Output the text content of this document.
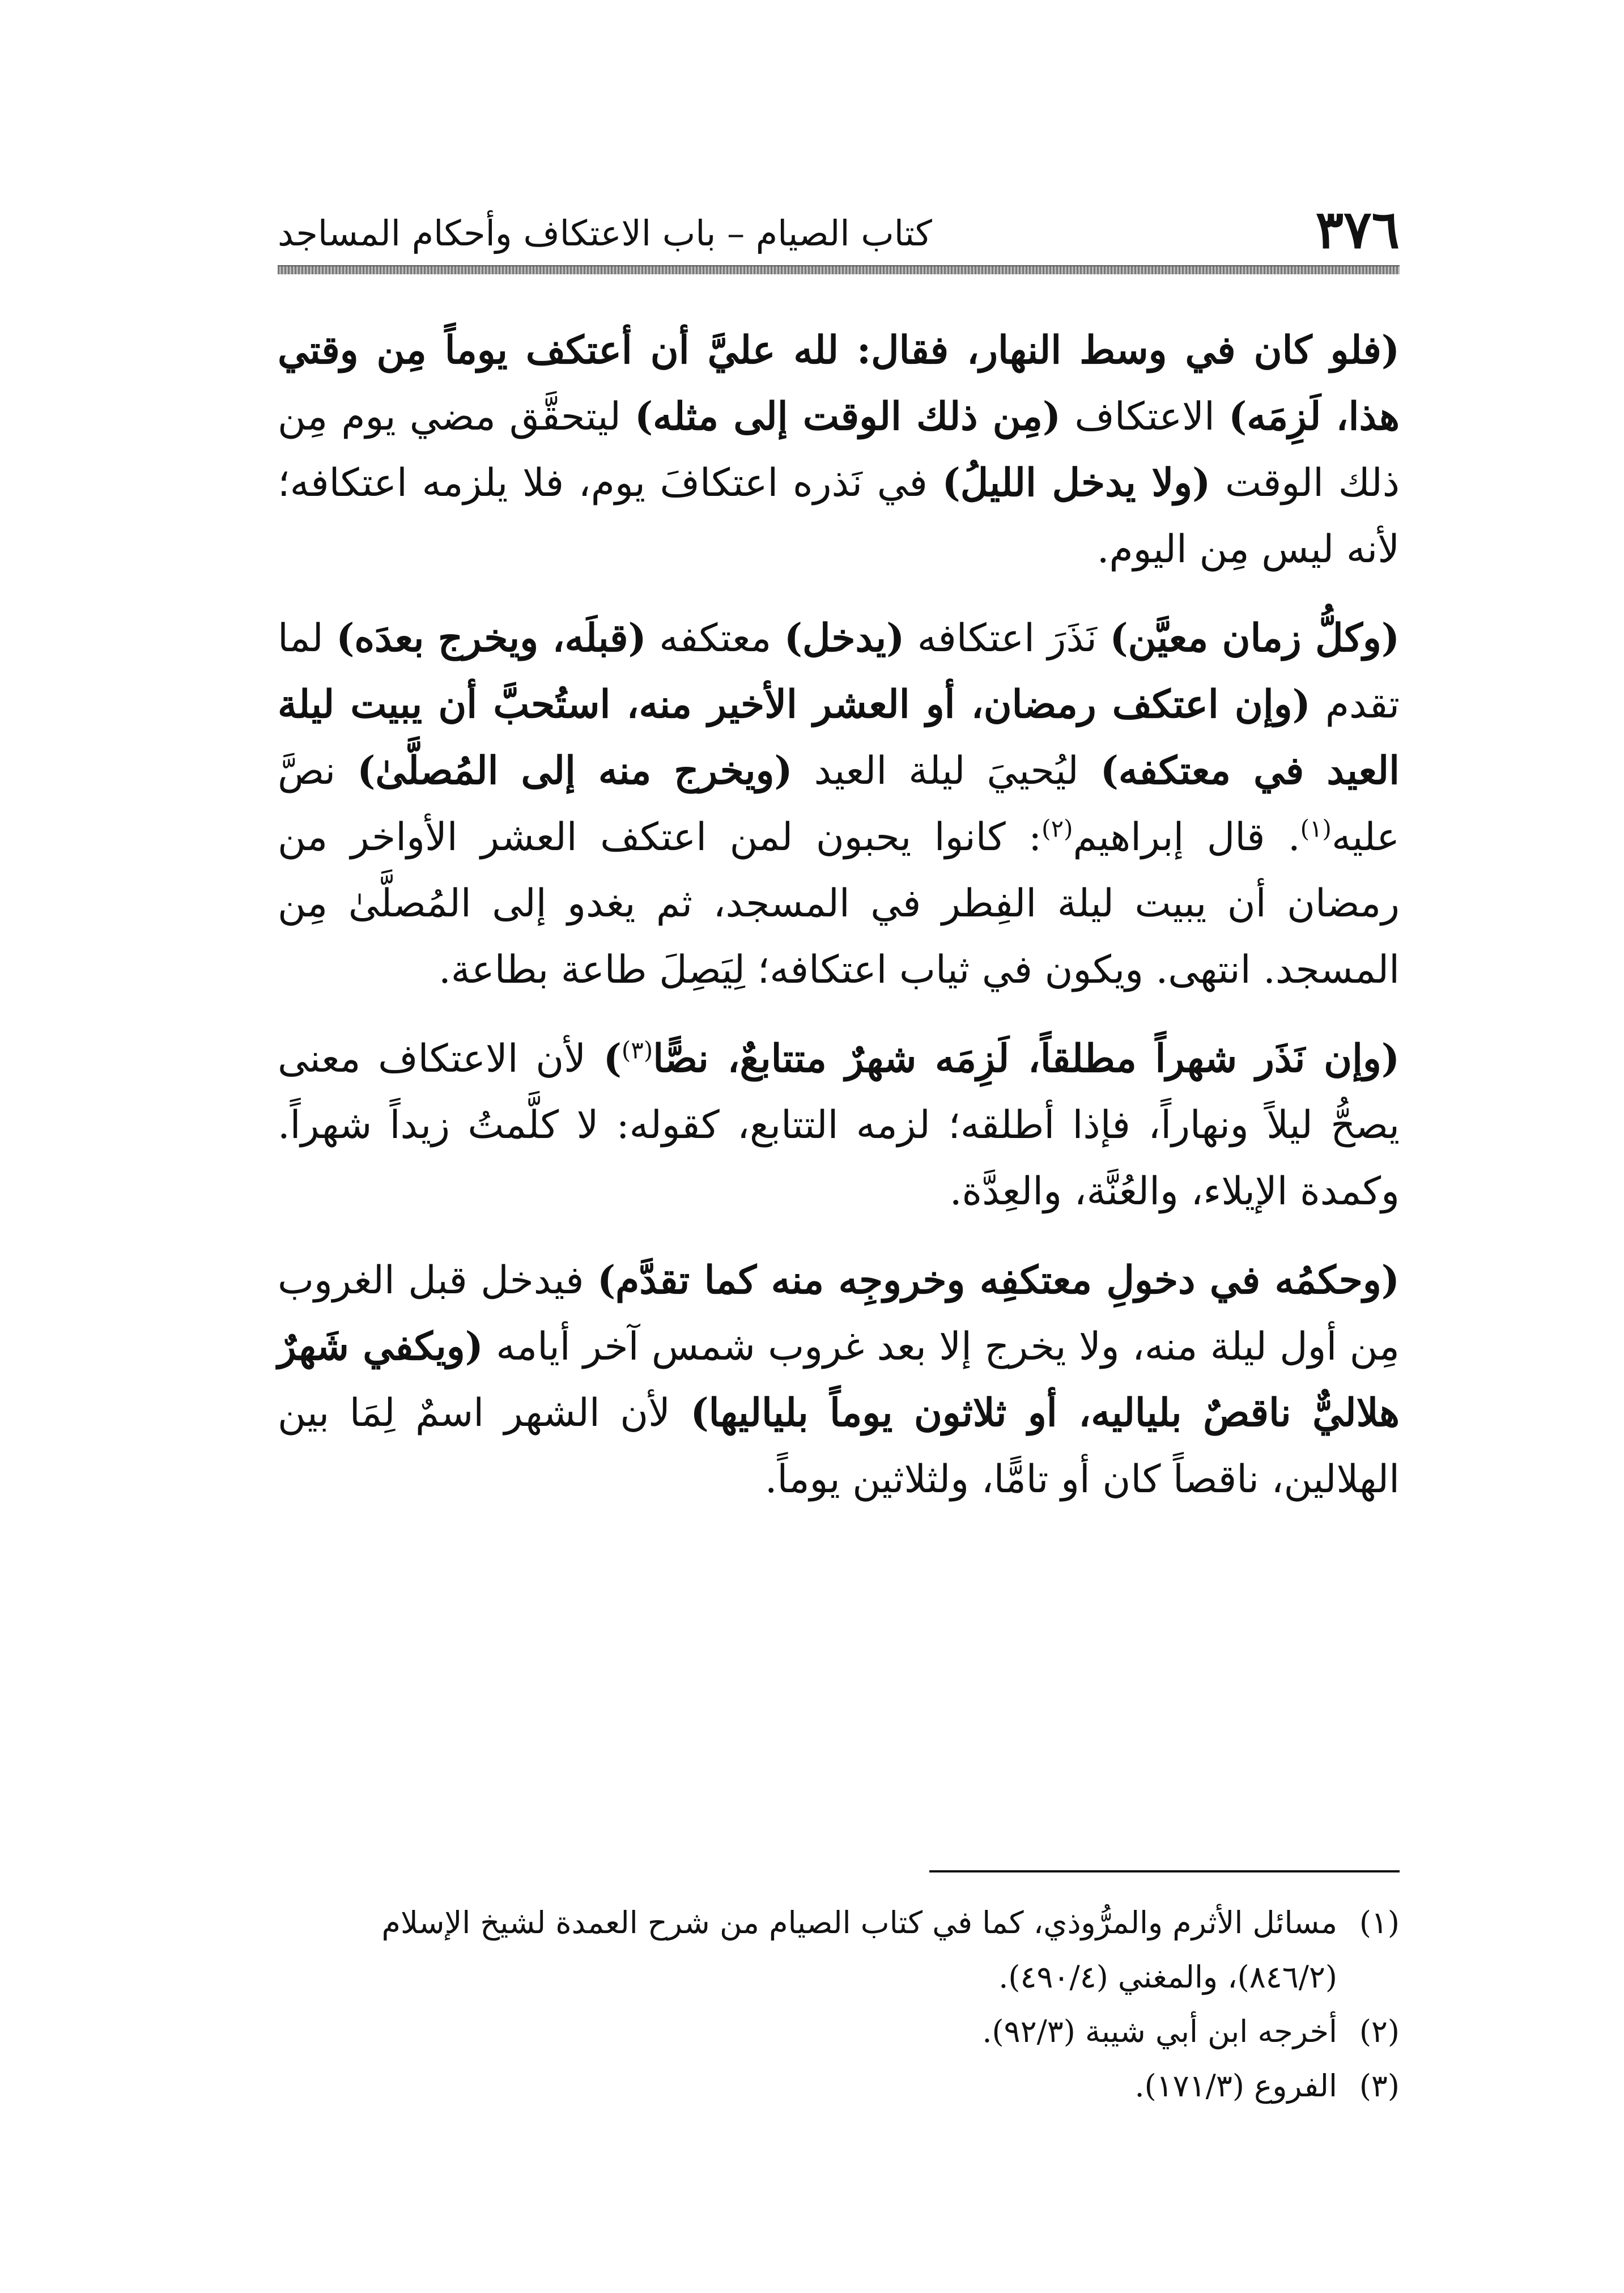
٣٧٦
كتاب الصيام – باب الاعتكاف وأحكام المساجد

(فلو كان في وسط النهار، فقال: لله عليَّ أن أعتكف يوماً مِن وقتي هذا، لَزِمَه) الاعتكاف (مِن ذلك الوقت إلى مثله) ليتحقَّق مضي يوم مِن ذلك الوقت (ولا يدخل الليلُ) في نَذره اعتكافَ يوم، فلا يلزمه اعتكافه؛ لأنه ليس مِن اليوم.

(وكلُّ زمان معيَّن) نَذَرَ اعتكافه (يدخل) معتكفه (قبلَه، ويخرج بعدَه) لما تقدم (وإن اعتكف رمضان، أو العشر الأخير منه، استُحبَّ أن يبيت ليلة العيد في معتكفه) ليُحييَ ليلة العيد (ويخرج منه إلى المُصلَّىٰ) نصَّ عليه$^{(١)}$. قال إبراهيم$^{(٢)}$: كانوا يحبون لمن اعتكف العشر الأواخر من رمضان أن يبيت ليلة الفِطر في المسجد، ثم يغدو إلى المُصلَّىٰ مِن المسجد. انتهى. ويكون في ثياب اعتكافه؛ لِيَصِلَ طاعة بطاعة.

(وإن نَذَر شهراً مطلقاً، لَزِمَه شهرٌ متتابعٌ، نصًّا$^{(٣)}$) لأن الاعتكاف معنى يصحُّ ليلاً ونهاراً، فإذا أطلقه؛ لزمه التتابع، كقوله: لا كلَّمتُ زيداً شهراً. وكمدة الإيلاء، والعُنَّة، والعِدَّة.

(وحكمُه في دخولِ معتكفِه وخروجِه منه كما تقدَّم) فيدخل قبل الغروب مِن أول ليلة منه، ولا يخرج إلا بعد غروب شمس آخر أيامه (ويكفي شَهرٌ هلاليٌّ ناقصٌ بلياليه، أو ثلاثون يوماً بلياليها) لأن الشهر اسمٌ لِمَا بين الهلالين، ناقصاً كان أو تامًّا، ولثلاثين يوماً.

(١)
مسائل الأثرم والمرُّوذي، كما في كتاب الصيام من شرح العمدة لشيخ الإسلام (٨٤٦/٢)، والمغني (٤٩٠/٤).

(٢)
أخرجه ابن أبي شيبة (٩٢/٣).

(٣)
الفروع (١٧١/٣).
